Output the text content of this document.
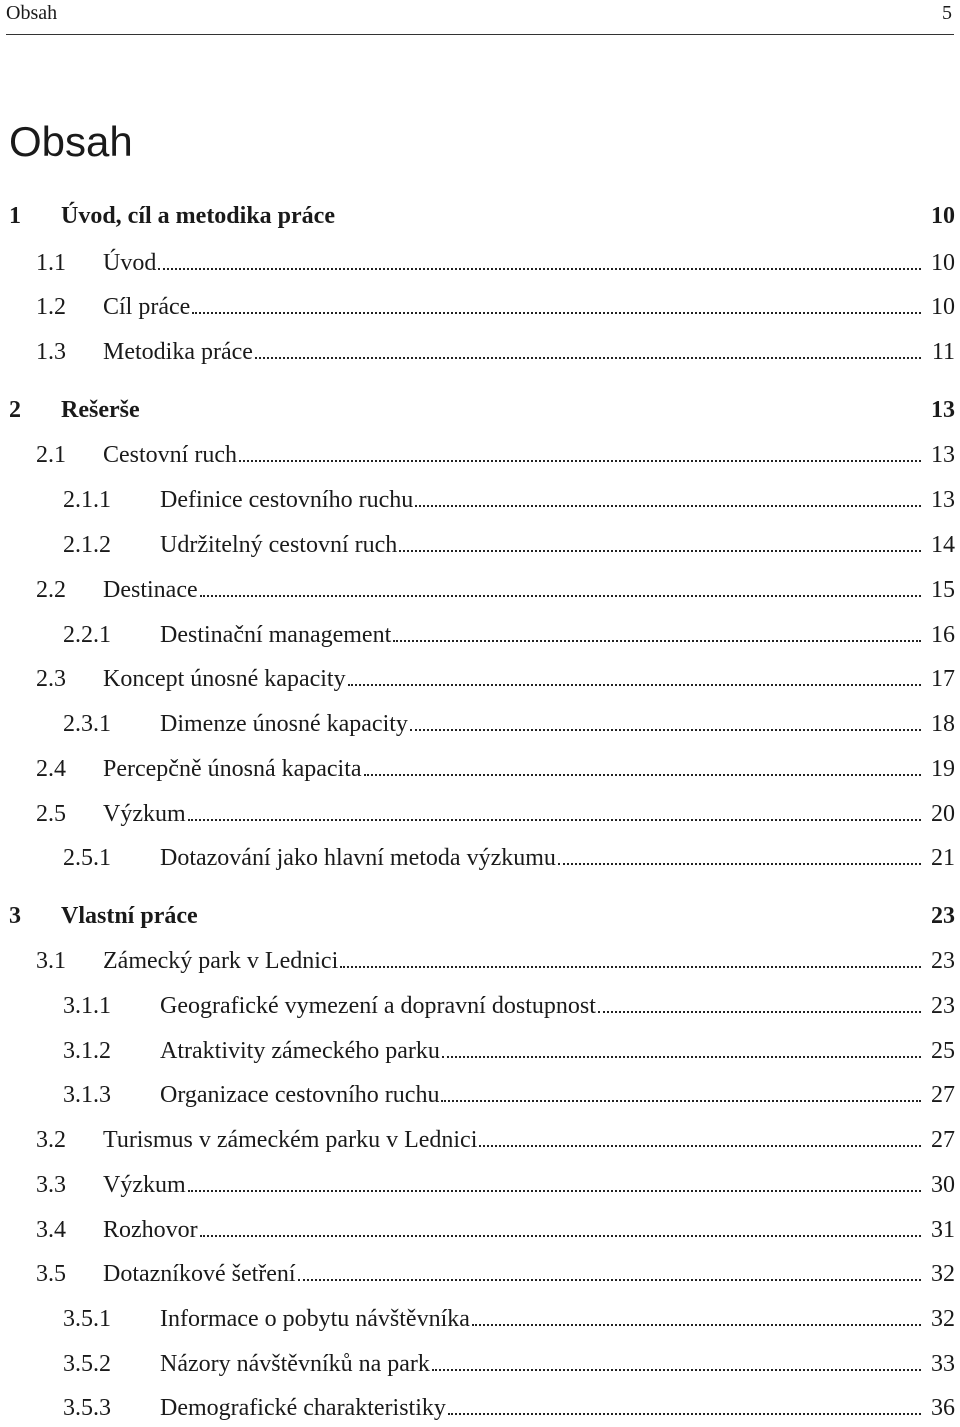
Obsah	5
Obsah
1 Úvod, cíl a metodika práce	10
1.1 Úvod	10
1.2 Cíl práce	10
1.3 Metodika práce	11
2 Rešerše	13
2.1 Cestovní ruch	13
2.1.1 Definice cestovního ruchu	13
2.1.2 Udržitelný cestovní ruch	14
2.2 Destinace	15
2.2.1 Destinační management	16
2.3 Koncept únosné kapacity	17
2.3.1 Dimenze únosné kapacity	18
2.4 Percepčně únosná kapacita	19
2.5 Výzkum	20
2.5.1 Dotazování jako hlavní metoda výzkumu	21
3 Vlastní práce	23
3.1 Zámecký park v Lednici	23
3.1.1 Geografické vymezení a dopravní dostupnost	23
3.1.2 Atraktivity zámeckého parku	25
3.1.3 Organizace cestovního ruchu	27
3.2 Turismus v zámeckém parku v Lednici	27
3.3 Výzkum	30
3.4 Rozhovor	31
3.5 Dotazníkové šetření	32
3.5.1 Informace o pobytu návštěvníka	32
3.5.2 Názory návštěvníků na park	33
3.5.3 Demografické charakteristiky	36
